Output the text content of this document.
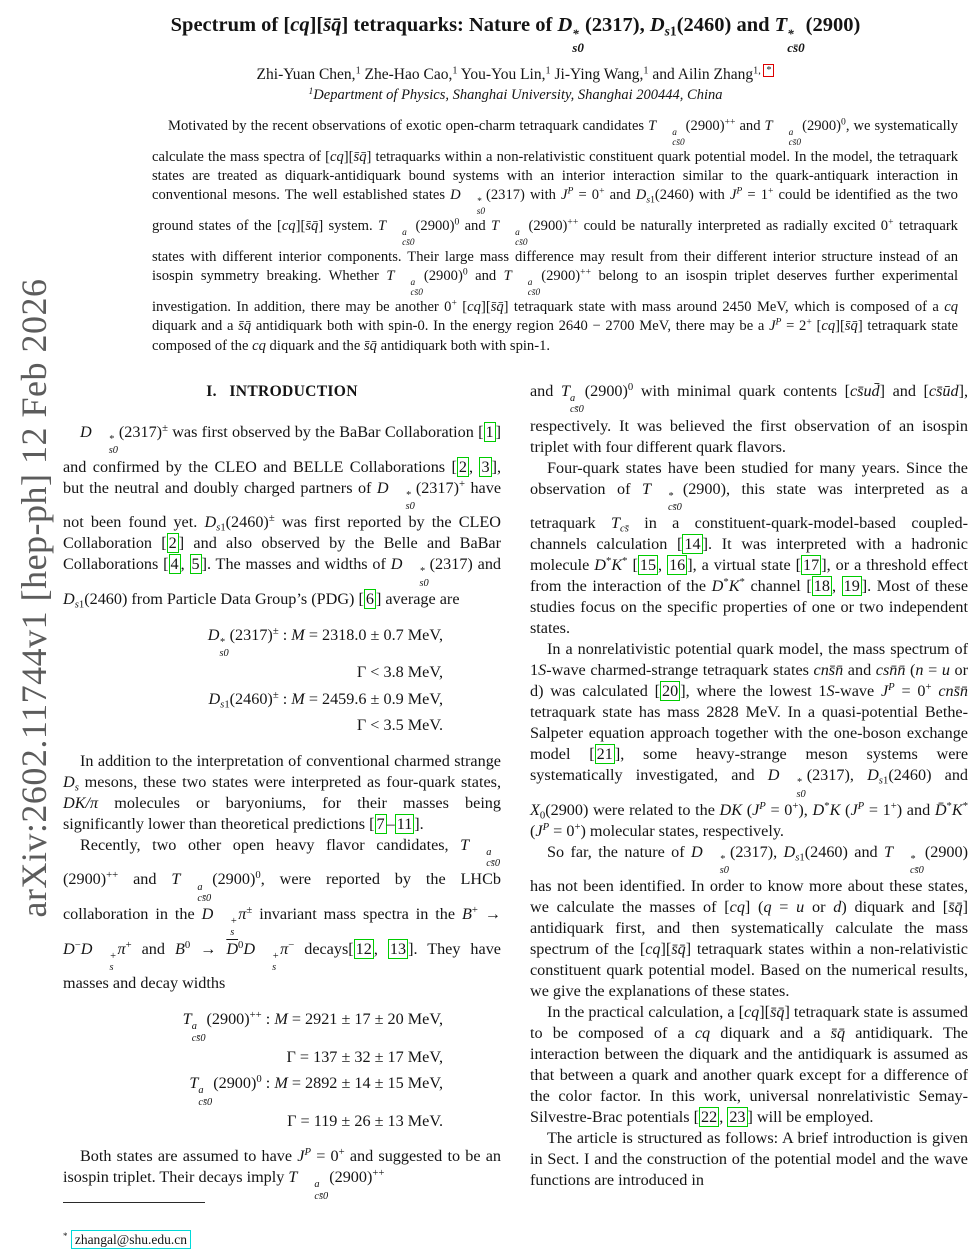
arXiv:2602.11744v1 [hep-ph] 12 Feb 2026
Spectrum of [cq][s̄q̄] tetraquarks: Nature of D *
s0
(2317), $D_{s1}(2460)$ and T *
cs̄0
(2900)
Zhi-Yuan Chen,$^1$ Zhe-Hao Cao,$^1$ You-You Lin,$^1$ Ji-Ying Wang,$^1$ and Ailin Zhang$^{1, *}$
$^1$Department of Physics, Shanghai University, Shanghai 200444, China
Motivated by the recent observations of exotic open-charm tetraquark candidates T	a
cs̄0
(2900)++ and T	a
cs̄0
$(2900)^0$, we systematically calculate the mass spectra of [cq][s̄q̄] tetraquarks within a non-relativistic constituent quark potential model. In the model, the tetraquark states are treated as diquark-antidiquark bound systems with an interior interaction similar to the quark-antiquark interaction in conventional mesons. The well established states D	*
s0
(2317) with $J^P = 0^+$ and $D_{s1}(2460)$ with $J^P = 1^+$ could be identified as the two ground states of the [cq][s̄q̄] system. T	a
cs̄0
$(2900)^0$ and T	a
cs̄0
(2900)++ could be naturally interpreted as radially excited 0+ tetraquark states with different interior components. Their large mass difference may result from their different interior structure instead of an isospin symmetry breaking. Whether T	a
cs̄0
$(2900)^0$ and T	a
cs̄0
(2900)++ belong to an isospin triplet deserves further experimental investigation. In addition, there may be another 0+ [cq][s̄q̄] tetraquark state with mass around 2450 MeV, which is composed of a cq diquark and a s̄q̄ antidiquark both with spin-0. In the energy region 2640 − 2700 MeV, there may be a $J^P = 2^+$ [cq][s̄q̄] tetraquark state composed of the cq diquark and the s̄q̄ antidiquark both with spin-1.
I.   INTRODUCTION

D	*
s0
(2317)± was first observed by the BaBar Collaboration [ 1 ] and confirmed by the CLEO and BELLE Collaborations [ 2 , 3 ], but the neutral and doubly charged partners of D	*
s0
(2317)+ have not been found yet. $D_{s1}(2460)^\pm$ was first reported by the CLEO Collaboration [ 2 ] and also observed by the Belle and BaBar Collaborations [ 4 , 5 ]. The masses and widths of D	*
s0
(2317) and $D_{s1}(2460)$ from Particle Data Group’s (PDG) [ 6 ] average are

D *
s0
(2317)± : M = 2318.0 ± 0.7 MeV,
Γ < 3.8 MeV,
$D_{s1}(2460)^\pm$ : M = 2459.6 ± 0.9 MeV,
Γ < 3.5 MeV.

In addition to the interpretation of conventional charmed strange $D_s$ mesons, these two states were interpreted as four-quark states, DK/π molecules or baryoniums, for their masses being significantly lower than theoretical predictions [ 7 – 11 ].

Recently, two other open heavy flavor candidates, T	a
cs̄0
(2900)++ and T	a
cs̄0
$(2900)^0$, were reported by the LHCb collaboration in the D	+
s
π± invariant mass spectra in the B+ → D−D	+
s
π+ and $B^0 \to \overline{D}^0D$	+
s
π− decays[ 12 , 13 ]. They have masses and decay widths

T a
cs̄0
(2900)++ : M = 2921 ± 17 ± 20 MeV,
Γ = 137 ± 32 ± 17 MeV,
T a
cs̄0
$(2900)^0$ : M = 2892 ± 14 ± 15 MeV,
Γ = 119 ± 26 ± 13 MeV.

Both states are assumed to have $J^P = 0^+$ and suggested to be an isospin triplet. Their decays imply T	a
cs̄0
(2900)++

* zhangal@shu.edu.cn

and T a
cs̄0
$(2900)^0$ with minimal quark contents [cs̄ud̄] and [cs̄ūd], respectively. It was believed the first observation of an isospin triplet with four different quark flavors.

Four-quark states have been studied for many years. Since the observation of T	*
cs̄0
(2900), this state was interpreted as a tetraquark $T_{cs̄}$ in a constituent-quark-model-based coupled-channels calculation [ 14 ]. It was interpreted with a hadronic molecule D*K* [ 15 , 16 ], a virtual state [ 17 ], or a threshold effect from the interaction of the D*K* channel [ 18 , 19 ]. Most of these studies focus on the specific properties of one or two independent states.

In a nonrelativistic potential quark model, the mass spectrum of 1S-wave charmed-strange tetraquark states cns̄n̄ and csn̄n̄ (n = u or d) was calculated [ 20 ], where the lowest 1S-wave $J^P = 0^+$ cns̄n̄ tetraquark state has mass 2828 MeV. In a quasi-potential Bethe-Salpeter equation approach together with the one-boson exchange model [ 21 ], some heavy-strange meson systems were systematically investigated, and D	*
s0
(2317), $D_{s1}(2460)$ and $X_0(2900)$ were related to the DK $(J^P = 0^+)$, D*K $(J^P = 1^+)$ and D̄*K* $(J^P = 0^+)$ molecular states, respectively.

So far, the nature of D	*
s0
(2317), $D_{s1}(2460)$ and T	*
cs̄0
(2900) has not been identified. In order to know more about these states, we calculate the masses of [cq] (q = u or d) diquark and [s̄q̄] antidiquark first, and then systematically calculate the mass spectrum of the [cq][s̄q̄] tetraquark states within a non-relativistic constituent quark potential model. Based on the numerical results, we give the explanations of these states.

In the practical calculation, a [cq][s̄q̄] tetraquark state is assumed to be composed of a cq diquark and a s̄q̄ antidiquark. The interaction between the diquark and the antidiquark is assumed as that between a quark and another quark except for a difference of the color factor. In this work, universal nonrelativistic Semay-Silvestre-Brac potentials [ 22 , 23 ] will be employed.

The article is structured as follows: A brief introduction is given in Sect. I and the construction of the potential model and the wave functions are introduced in
